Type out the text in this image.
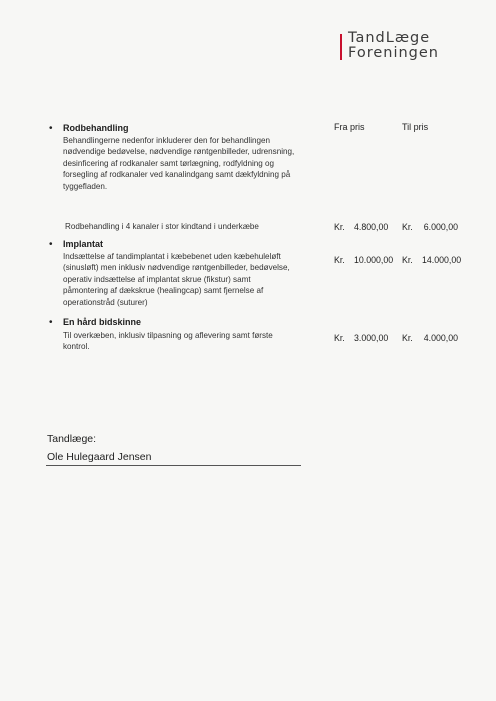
TandLæge
Foreningen
Fra pris	Til pris
• Rodbehandling
Behandlingerne nedenfor inkluderer den for behandlingen
nødvendige bedøvelse, nødvendige røntgenbilleder, udrensning,
desinficering af rodkanaler samt tørlægning, rodfyldning og
forsegling af rodkanaler ved kanalindgang samt dækfyldning på
tyggefladen.
Rodbehandling i 4 kanaler i stor kindtand i underkæbe	Kr. 4.800,00 Kr. 6.000,00
• Implantat
Indsættelse af tandimplantat i kæbebenet uden kæbehuleløft
(sinusløft) men inklusiv nødvendige røntgenbilleder, bedøvelse,
operativ indsættelse af implantat skrue (fikstur) samt
påmontering af dækskrue (healingcap) samt fjernelse af
operationstråd (suturer)
Kr. 10.000,00 Kr. 14.000,00
• En hård bidskinne
Til overkæben, inklusiv tilpasning og aflevering samt første
kontrol.
Kr. 3.000,00 Kr. 4.000,00
Tandlæge:
Ole Hulegaard Jensen
